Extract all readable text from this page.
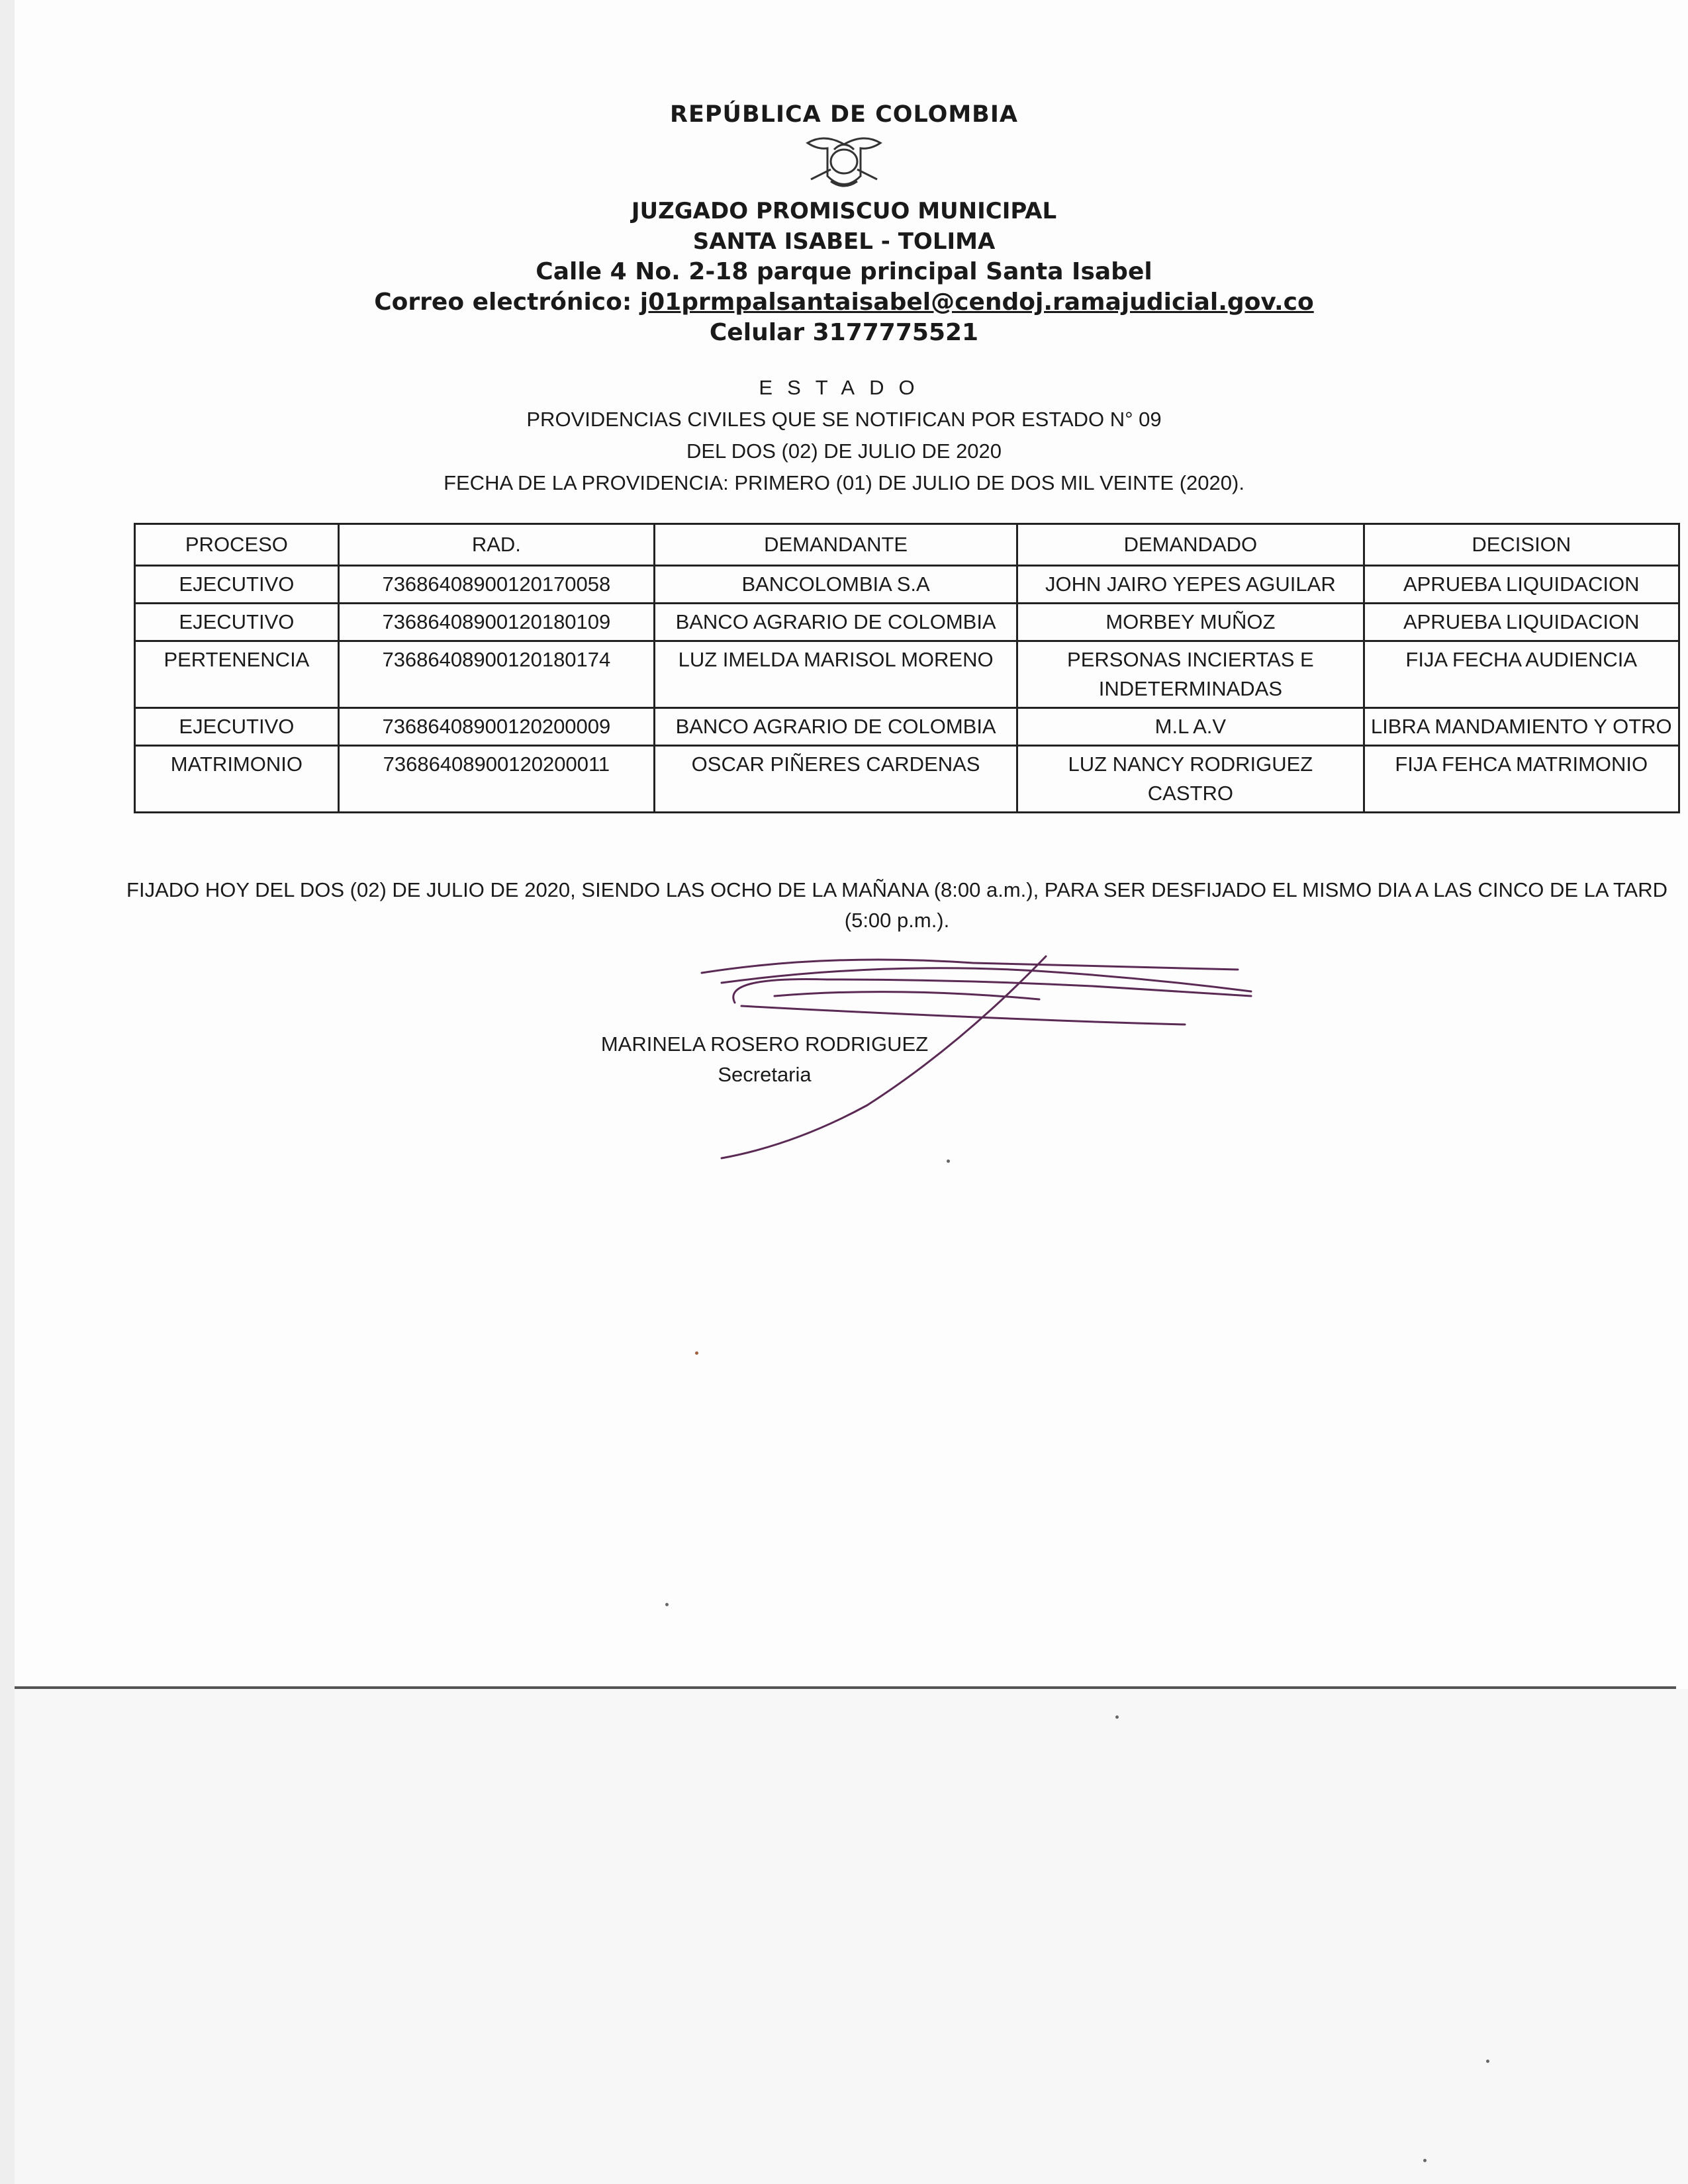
REPÚBLICA DE COLOMBIA
JUZGADO PROMISCUO MUNICIPAL
SANTA ISABEL - TOLIMA
Calle 4 No. 2-18 parque principal Santa Isabel
Correo electrónico: j01prmpalsantaisabel@cendoj.ramajudicial.gov.co
Celular 3177775521
ESTADO
PROVIDENCIAS CIVILES QUE SE NOTIFICAN POR ESTADO N° 09
DEL DOS (02) DE JULIO DE 2020
FECHA DE LA PROVIDENCIA: PRIMERO (01) DE JULIO DE DOS MIL VEINTE (2020).
PROCESO	RAD.	DEMANDANTE	DEMANDADO	DECISION
EJECUTIVO	73686408900120170058	BANCOLOMBIA S.A	JOHN JAIRO YEPES AGUILAR	APRUEBA LIQUIDACION
EJECUTIVO	73686408900120180109	BANCO AGRARIO DE COLOMBIA	MORBEY MUÑOZ	APRUEBA LIQUIDACION
PERTENENCIA	73686408900120180174	LUZ IMELDA MARISOL MORENO	PERSONAS INCIERTAS E INDETERMINADAS	FIJA FECHA AUDIENCIA
EJECUTIVO	73686408900120200009	BANCO AGRARIO DE COLOMBIA	M.L A.V	LIBRA MANDAMIENTO Y OTRO
MATRIMONIO	73686408900120200011	OSCAR PIÑERES CARDENAS	LUZ NANCY RODRIGUEZ CASTRO	FIJA FEHCA MATRIMONIO
FIJADO HOY DEL DOS (02) DE JULIO DE 2020, SIENDO LAS OCHO DE LA MAÑANA (8:00 a.m.), PARA SER DESFIJADO EL MISMO DIA A LAS CINCO DE LA TARD
(5:00 p.m.).
MARINELA ROSERO RODRIGUEZ
Secretaria
